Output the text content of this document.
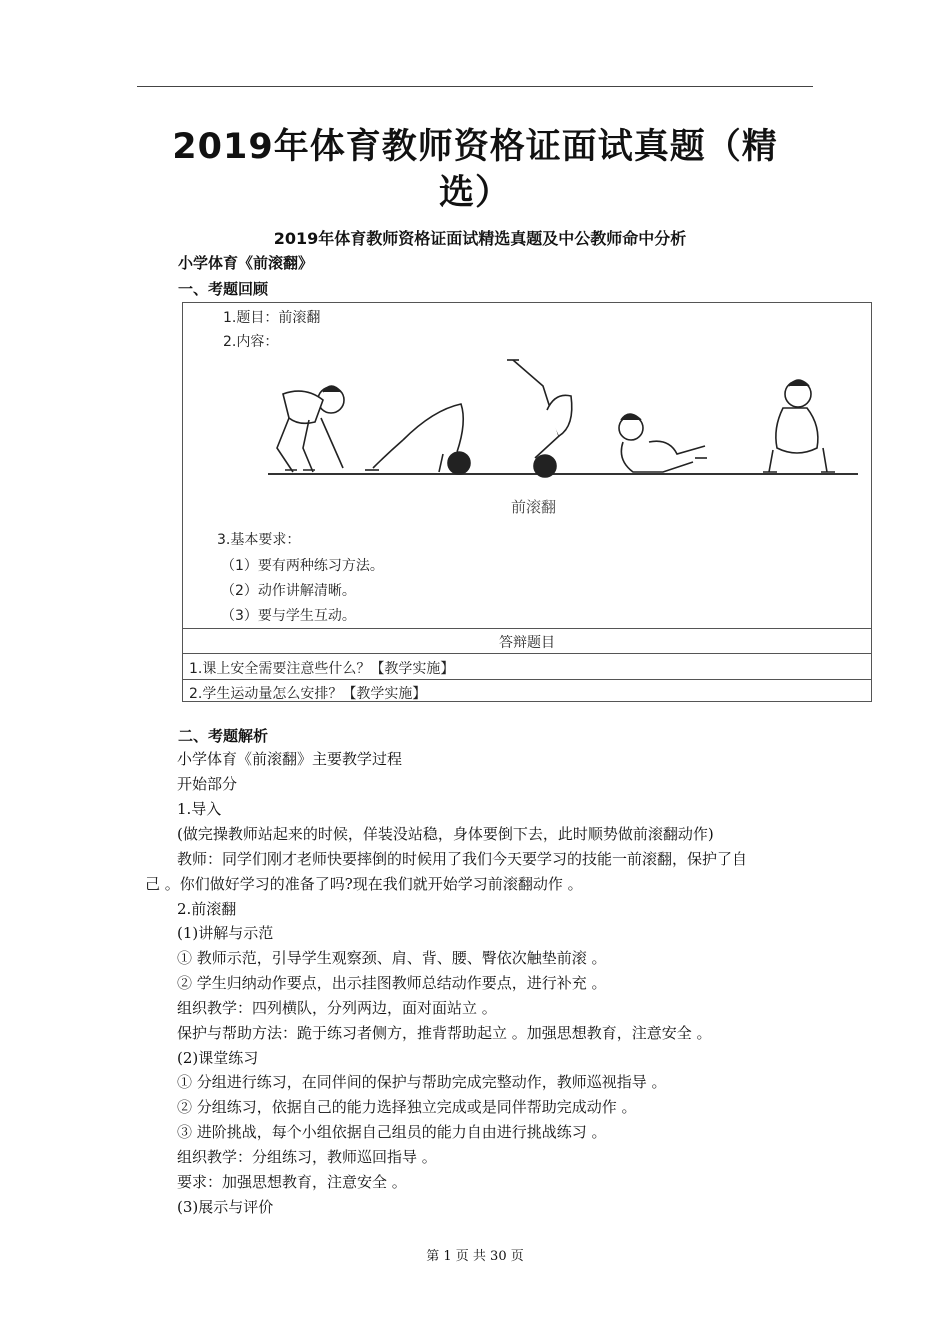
2019年体育教师资格证面试真题（精选）
2019年体育教师资格证面试精选真题及中公教师命中分析
小学体育《前滚翻》
一、考题回顾
1.题目：前滚翻
2.内容：
前滚翻
3.基本要求：
（1）要有两种练习方法。
（2）动作讲解清晰。
（3）要与学生互动。
答辩题目
1.课上安全需要注意些什么？【教学实施】
2.学生运动量怎么安排？【教学实施】
二、考题解析
小学体育《前滚翻》主要教学过程
开始部分
1.导入
(做完操教师站起来的时候，佯装没站稳，身体要倒下去，此时顺势做前滚翻动作)
教师：同学们刚才老师快要摔倒的时候用了我们今天要学习的技能一前滚翻，保护了自
己 。你们做好学习的准备了吗?现在我们就开始学习前滚翻动作 。
2.前滚翻
(1)讲解与示范
① 教师示范，引导学生观察颈、肩、背、腰、臀依次触垫前滚 。
② 学生归纳动作要点，出示挂图教师总结动作要点，进行补充 。
组织教学：四列横队，分列两边，面对面站立 。
保护与帮助方法：跪于练习者侧方，推背帮助起立 。加强思想教育，注意安全 。
(2)课堂练习
① 分组进行练习，在同伴间的保护与帮助完成完整动作，教师巡视指导 。
② 分组练习，依据自己的能力选择独立完成或是同伴帮助完成动作 。
③ 进阶挑战，每个小组依据自己组员的能力自由进行挑战练习 。
组织教学：分组练习，教师巡回指导 。
要求：加强思想教育，注意安全 。
(3)展示与评价
第 1 页 共 30 页
